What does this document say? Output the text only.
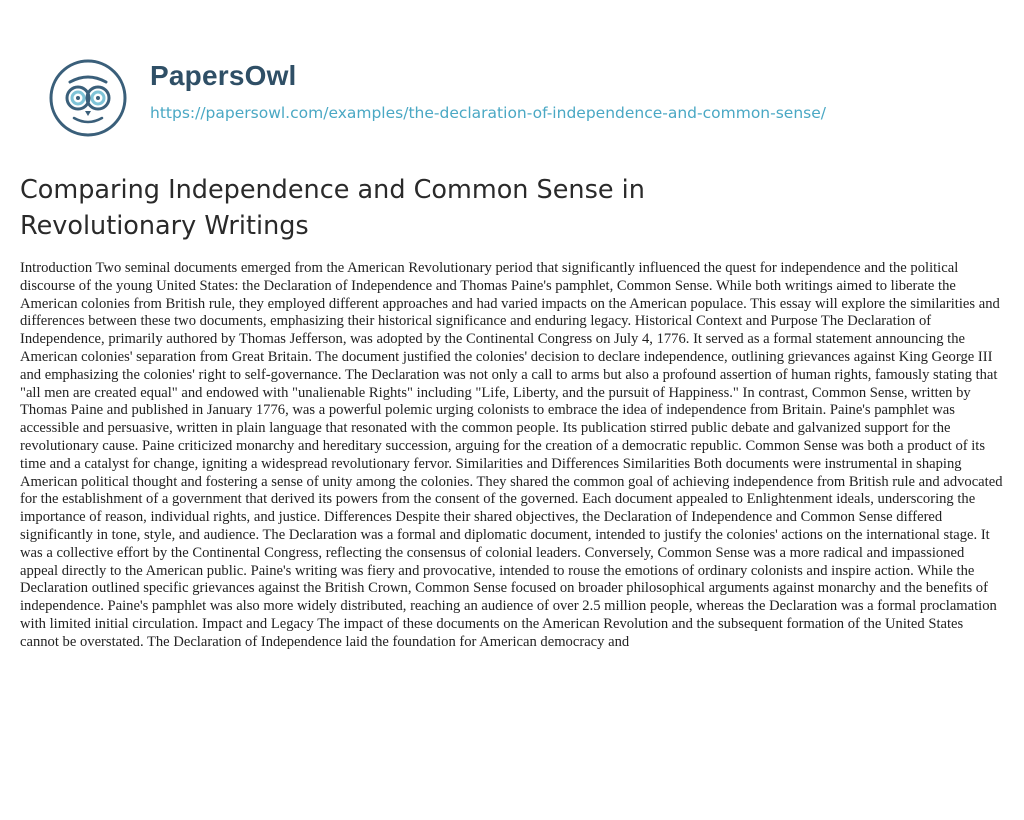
PapersOwl
https://papersowl.com/examples/the-declaration-of-independence-and-common-sense/
Comparing Independence and Common Sense in Revolutionary Writings

Introduction Two seminal documents emerged from the American Revolutionary period that significantly influenced the quest for independence and the political discourse of the young United States: the Declaration of Independence and Thomas Paine's pamphlet, Common Sense. While both writings aimed to liberate the American colonies from British rule, they employed different approaches and had varied impacts on the American populace. This essay will explore the similarities and differences between these two documents, emphasizing their historical significance and enduring legacy. Historical Context and Purpose The Declaration of Independence, primarily authored by Thomas Jefferson, was adopted by the Continental Congress on July 4, 1776. It served as a formal statement announcing the American colonies' separation from Great Britain. The document justified the colonies' decision to declare independence, outlining grievances against King George III and emphasizing the colonies' right to self-governance. The Declaration was not only a call to arms but also a profound assertion of human rights, famously stating that "all men are created equal" and endowed with "unalienable Rights" including "Life, Liberty, and the pursuit of Happiness." In contrast, Common Sense, written by Thomas Paine and published in January 1776, was a powerful polemic urging colonists to embrace the idea of independence from Britain. Paine's pamphlet was accessible and persuasive, written in plain language that resonated with the common people. Its publication stirred public debate and galvanized support for the revolutionary cause. Paine criticized monarchy and hereditary succession, arguing for the creation of a democratic republic. Common Sense was both a product of its time and a catalyst for change, igniting a widespread revolutionary fervor. Similarities and Differences Similarities Both documents were instrumental in shaping American political thought and fostering a sense of unity among the colonies. They shared the common goal of achieving independence from British rule and advocated for the establishment of a government that derived its powers from the consent of the governed. Each document appealed to Enlightenment ideals, underscoring the importance of reason, individual rights, and justice. Differences Despite their shared objectives, the Declaration of Independence and Common Sense differed significantly in tone, style, and audience. The Declaration was a formal and diplomatic document, intended to justify the colonies' actions on the international stage. It was a collective effort by the Continental Congress, reflecting the consensus of colonial leaders. Conversely, Common Sense was a more radical and impassioned appeal directly to the American public. Paine's writing was fiery and provocative, intended to rouse the emotions of ordinary colonists and inspire action. While the Declaration outlined specific grievances against the British Crown, Common Sense focused on broader philosophical arguments against monarchy and the benefits of independence. Paine's pamphlet was also more widely distributed, reaching an audience of over 2.5 million people, whereas the Declaration was a formal proclamation with limited initial circulation. Impact and Legacy The impact of these documents on the American Revolution and the subsequent formation of the United States cannot be overstated. The Declaration of Independence laid the foundation for American democracy and
